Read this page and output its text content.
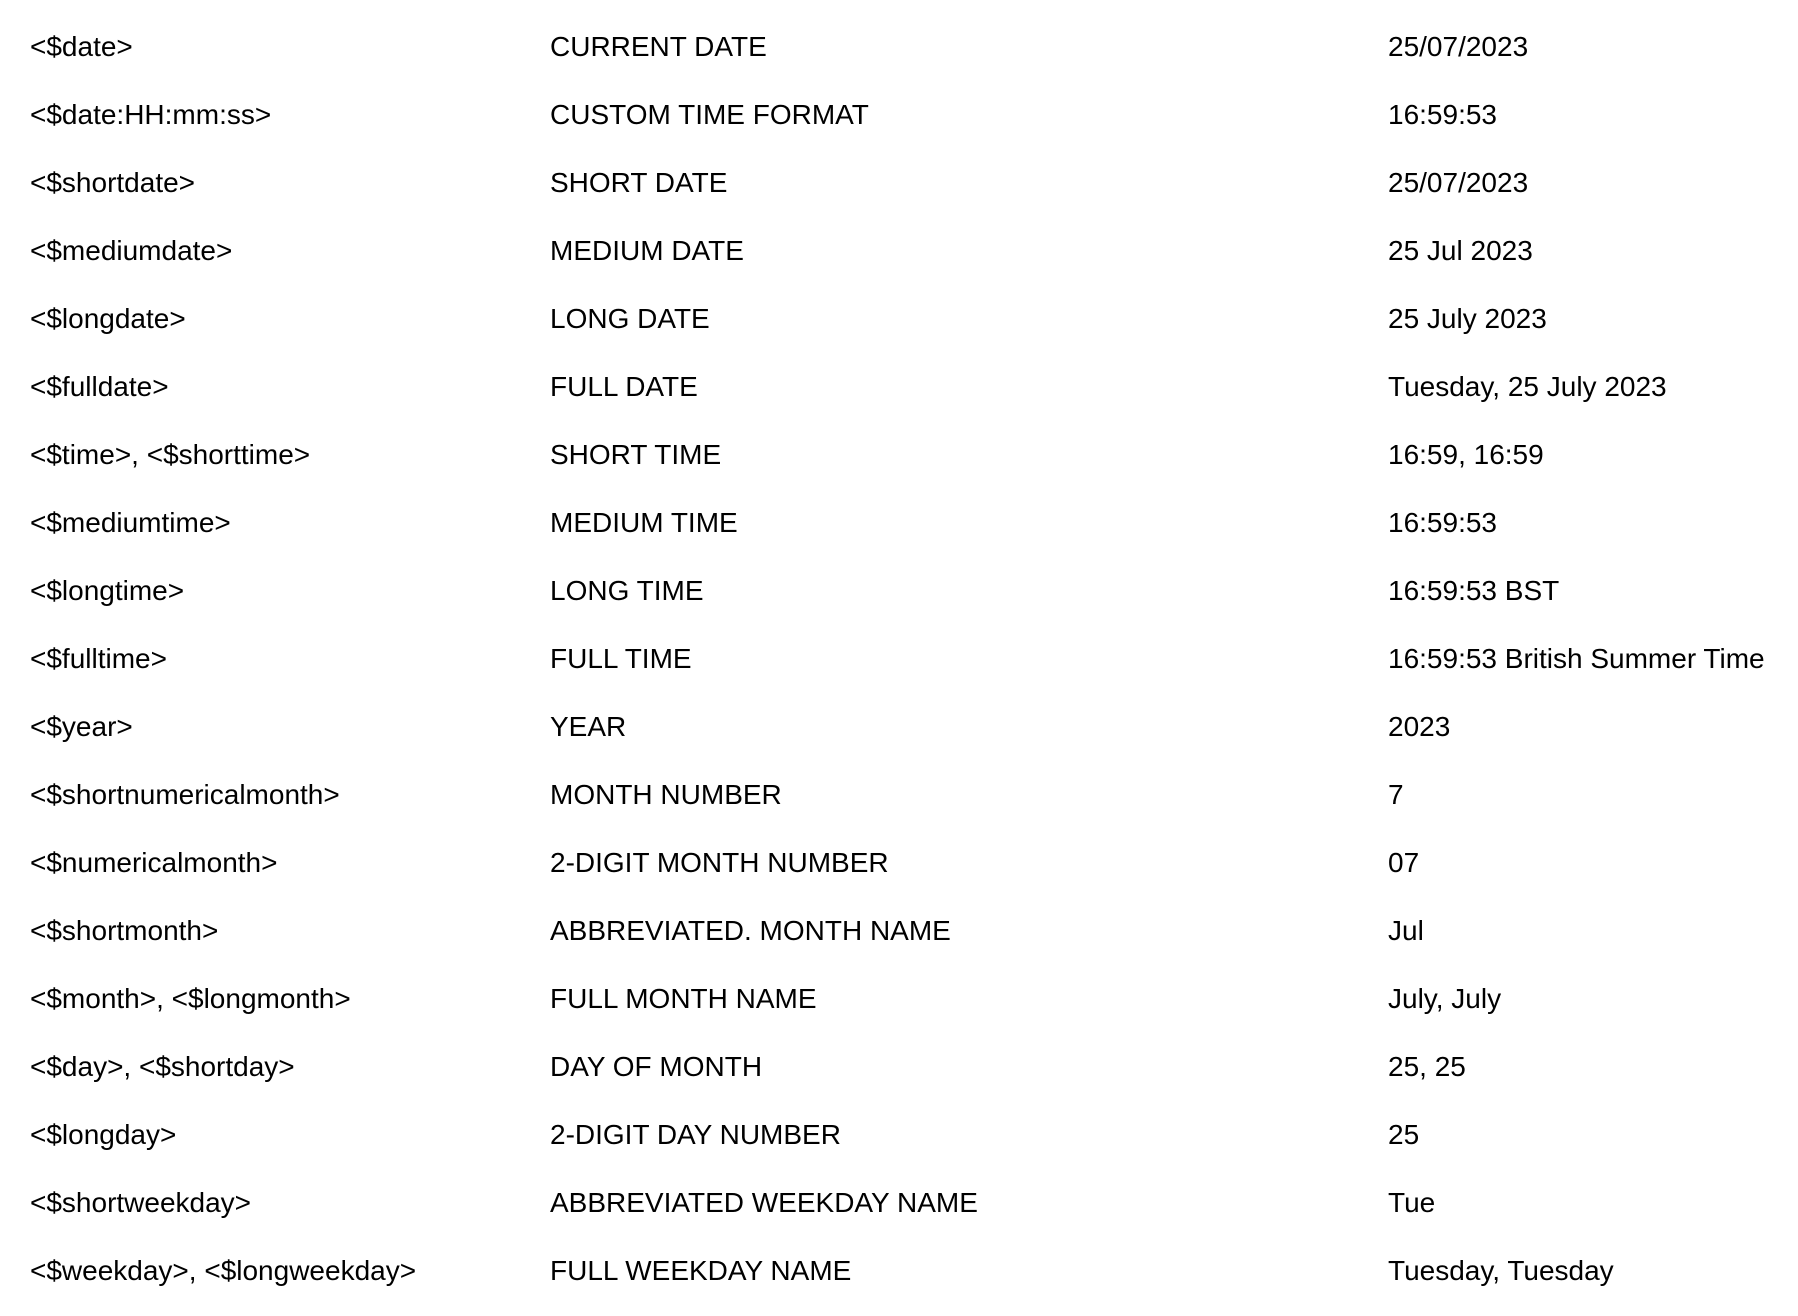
<$date>	CURRENT DATE	25/07/2023
<$date:HH:mm:ss>	CUSTOM TIME FORMAT	16:59:53
<$shortdate>	SHORT DATE	25/07/2023
<$mediumdate>	MEDIUM DATE	25 Jul 2023
<$longdate>	LONG DATE	25 July 2023
<$fulldate>	FULL DATE	Tuesday, 25 July 2023
<$time>, <$shorttime>	SHORT TIME	16:59, 16:59
<$mediumtime>	MEDIUM TIME	16:59:53
<$longtime>	LONG TIME	16:59:53 BST
<$fulltime>	FULL TIME	16:59:53 British Summer Time
<$year>	YEAR	2023
<$shortnumericalmonth>	MONTH NUMBER	7
<$numericalmonth>	2-DIGIT MONTH NUMBER	07
<$shortmonth>	ABBREVIATED. MONTH NAME	Jul
<$month>, <$longmonth>	FULL MONTH NAME	July, July
<$day>, <$shortday>	DAY OF MONTH	25, 25
<$longday>	2-DIGIT DAY NUMBER	25
<$shortweekday>	ABBREVIATED WEEKDAY NAME	Tue
<$weekday>, <$longweekday>	FULL WEEKDAY NAME	Tuesday, Tuesday
